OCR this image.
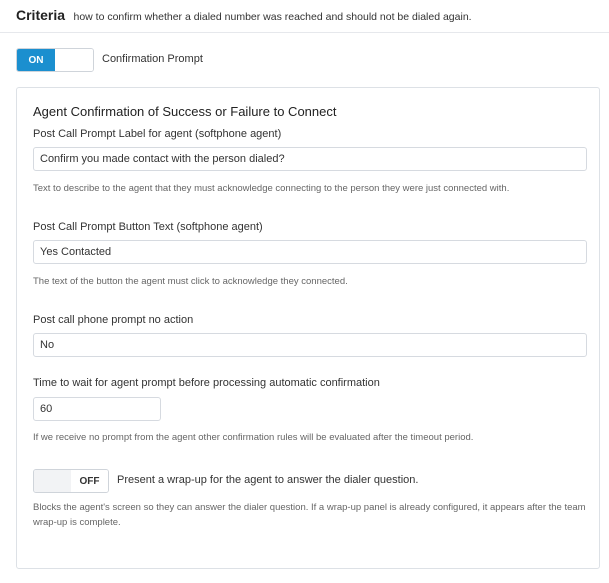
Criteria how to confirm whether a dialed number was reached and should not be dialed again.
ON	Confirmation Prompt
Agent Confirmation of Success or Failure to Connect
Post Call Prompt Label for agent (softphone agent)
Confirm you made contact with the person dialed?
Text to describe to the agent that they must acknowledge connecting to the person they were just connected with.
Post Call Prompt Button Text (softphone agent)
Yes Contacted
The text of the button the agent must click to acknowledge they connected.
Post call phone prompt no action
No
Time to wait for agent prompt before processing automatic confirmation
60
If we receive no prompt from the agent other confirmation rules will be evaluated after the timeout period.
OFF	Present a wrap-up for the agent to answer the dialer question.
Blocks the agent's screen so they can answer the dialer question. If a wrap-up panel is already configured, it appears after the team wrap-up is complete.
